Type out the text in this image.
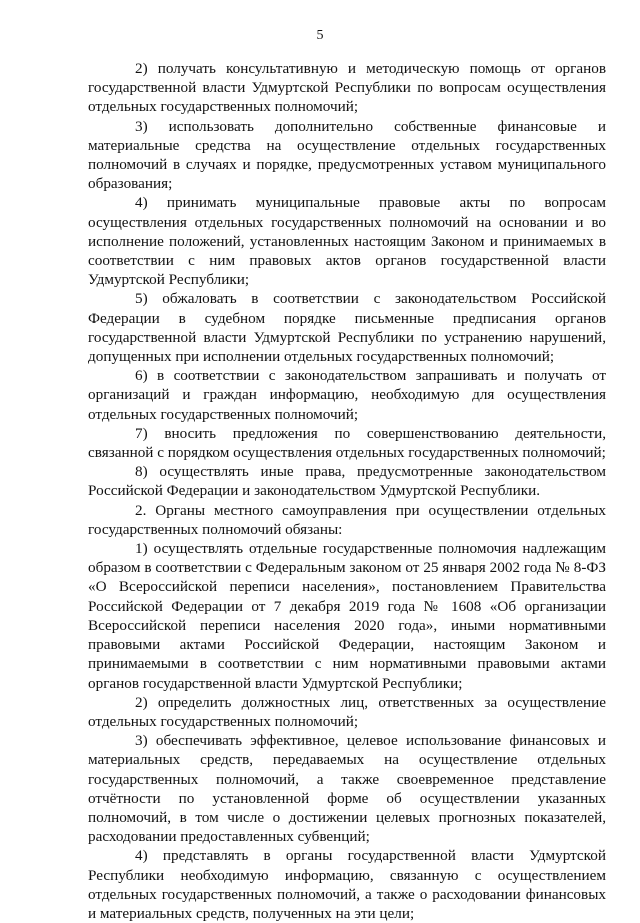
5

2) получать консультативную и методическую помощь от органов государственной власти Удмуртской Республики по вопросам осуществления отдельных государственных полномочий;

3) использовать дополнительно собственные финансовые и материальные средства на осуществление отдельных государственных полномочий в случаях и порядке, предусмотренных уставом муниципального образования;

4) принимать муниципальные правовые акты по вопросам осуществления отдельных государственных полномочий на основании и во исполнение положений, установленных настоящим Законом и принимаемых в соответствии с ним правовых актов органов государственной власти Удмуртской Республики;

5) обжаловать в соответствии с законодательством Российской Федерации в судебном порядке письменные предписания органов государственной власти Удмуртской Республики по устранению нарушений, допущенных при исполнении отдельных государственных полномочий;

6) в соответствии с законодательством запрашивать и получать от организаций и граждан информацию, необходимую для осуществления отдельных государственных полномочий;

7) вносить предложения по совершенствованию деятельности, связанной с порядком осуществления отдельных государственных полномочий;

8) осуществлять иные права, предусмотренные законодательством Российской Федерации и законодательством Удмуртской Республики.

2. Органы местного самоуправления при осуществлении отдельных государственных полномочий обязаны:

1) осуществлять отдельные государственные полномочия надлежащим образом в соответствии с Федеральным законом от 25 января 2002 года № 8-ФЗ «О Всероссийской переписи населения», постановлением Правительства Российской Федерации от 7 декабря 2019 года № 1608 «Об организации Всероссийской переписи населения 2020 года», иными нормативными правовыми актами Российской Федерации, настоящим Законом и принимаемыми в соответствии с ним нормативными правовыми актами органов государственной власти Удмуртской Республики;

2) определить должностных лиц, ответственных за осуществление отдельных государственных полномочий;

3) обеспечивать эффективное, целевое использование финансовых и материальных средств, передаваемых на осуществление отдельных государственных полномочий, а также своевременное представление отчётности по установленной форме об осуществлении указанных полномочий, в том числе о достижении целевых прогнозных показателей, расходовании предоставленных субвенций;

4) представлять в органы государственной власти Удмуртской Республики необходимую информацию, связанную с осуществлением отдельных государственных полномочий, а также о расходовании финансовых и материальных средств, полученных на эти цели;
